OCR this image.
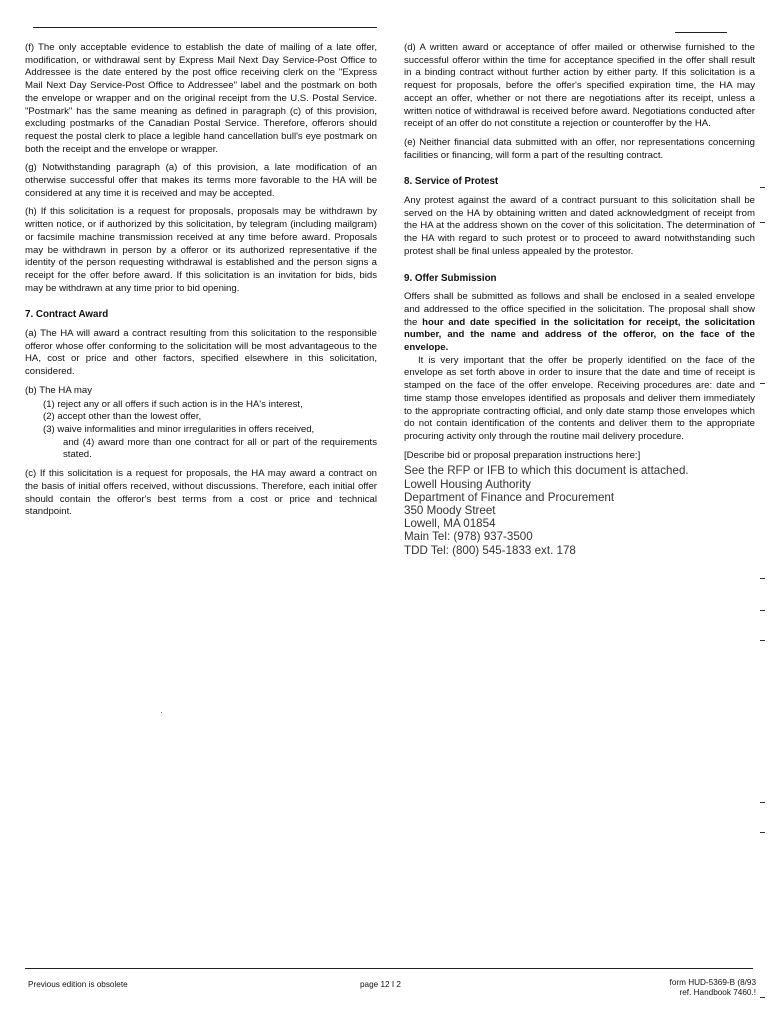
(f) The only acceptable evidence to establish the date of mailing of a late offer, modification, or withdrawal sent by Express Mail Next Day Service-Post Office to Addressee is the date entered by the post office receiving clerk on the "Express Mail Next Day Service-Post Office to Addressee" label and the postmark on both the envelope or wrapper and on the original receipt from the U.S. Postal Service. "Postmark" has the same meaning as defined in paragraph (c) of this provision, excluding postmarks of the Canadian Postal Service. Therefore, offerors should request the postal clerk to place a legible hand cancellation bull's eye postmark on both the receipt and the envelope or wrapper.

(g) Notwithstanding paragraph (a) of this provision, a late modification of an otherwise successful offer that makes its terms more favorable to the HA will be considered at any time it is received and may be accepted.

(h) If this solicitation is a request for proposals, proposals may be withdrawn by written notice, or if authorized by this solicitation, by telegram (including mailgram) or facsimile machine transmission received at any time before award. Proposals may be withdrawn in person by a offeror or its authorized representative if the identity of the person requesting withdrawal is established and the person signs a receipt for the offer before award. If this solicitation is an invitation for bids, bids may be withdrawn at any time prior to bid opening.

7. Contract Award

(a) The HA will award a contract resulting from this solicitation to the responsible offeror whose offer conforming to the solicitation will be most advantageous to the HA, cost or price and other factors, specified elsewhere in this solicitation, considered.

(b) The HA may

(1) reject any or all offers if such action is in the HA's interest,
(2) accept other than the lowest offer,
(3) waive informalities and minor irregularities in offers received,
and (4) award more than one contract for all or part of the requirements stated.

(c) If this solicitation is a request for proposals, the HA may award a contract on the basis of initial offers received, without discussions. Therefore, each initial offer should contain the offeror's best terms from a cost or price and technical standpoint.

(d) A written award or acceptance of offer mailed or otherwise furnished to the successful offeror within the time for acceptance specified in the offer shall result in a binding contract without further action by either party. If this solicitation is a request for proposals, before the offer's specified expiration time, the HA may accept an offer, whether or not there are negotiations after its receipt, unless a written notice of withdrawal is received before award. Negotiations conducted after receipt of an offer do not constitute a rejection or counteroffer by the HA.

(e) Neither financial data submitted with an offer, nor representations concerning facilities or financing, will form a part of the resulting contract.

8. Service of Protest

Any protest against the award of a contract pursuant to this solicitation shall be served on the HA by obtaining written and dated acknowledgment of receipt from the HA at the address shown on the cover of this solicitation. The determination of the HA with regard to such protest or to proceed to award notwithstanding such protest shall be final unless appealed by the protestor.

9. Offer Submission

Offers shall be submitted as follows and shall be enclosed in a sealed envelope and addressed to the office specified in the solicitation. The proposal shall show the hour and date specified in the solicitation for receipt, the solicitation number, and the name and address of the offeror, on the face of the envelope.

It is very important that the offer be properly identified on the face of the envelope as set forth above in order to insure that the date and time of receipt is stamped on the face of the offer envelope. Receiving procedures are: date and time stamp those envelopes identified as proposals and deliver them immediately to the appropriate contracting official, and only date stamp those envelopes which do not contain identification of the contents and deliver them to the appropriate procuring activity only through the routine mail delivery procedure.

[Describe bid or proposal preparation instructions here:]

See the RFP or IFB to which this document is attached.
Lowell Housing Authority
Department of Finance and Procurement
350 Moody Street
Lowell, MA 01854
Main Tel: (978) 937-3500
TDD Tel: (800) 545-1833 ext. 178
Previous edition is obsolete	page 12 I 2	form HUD-5369-B (8/93
ref. Handbook 7460.!
